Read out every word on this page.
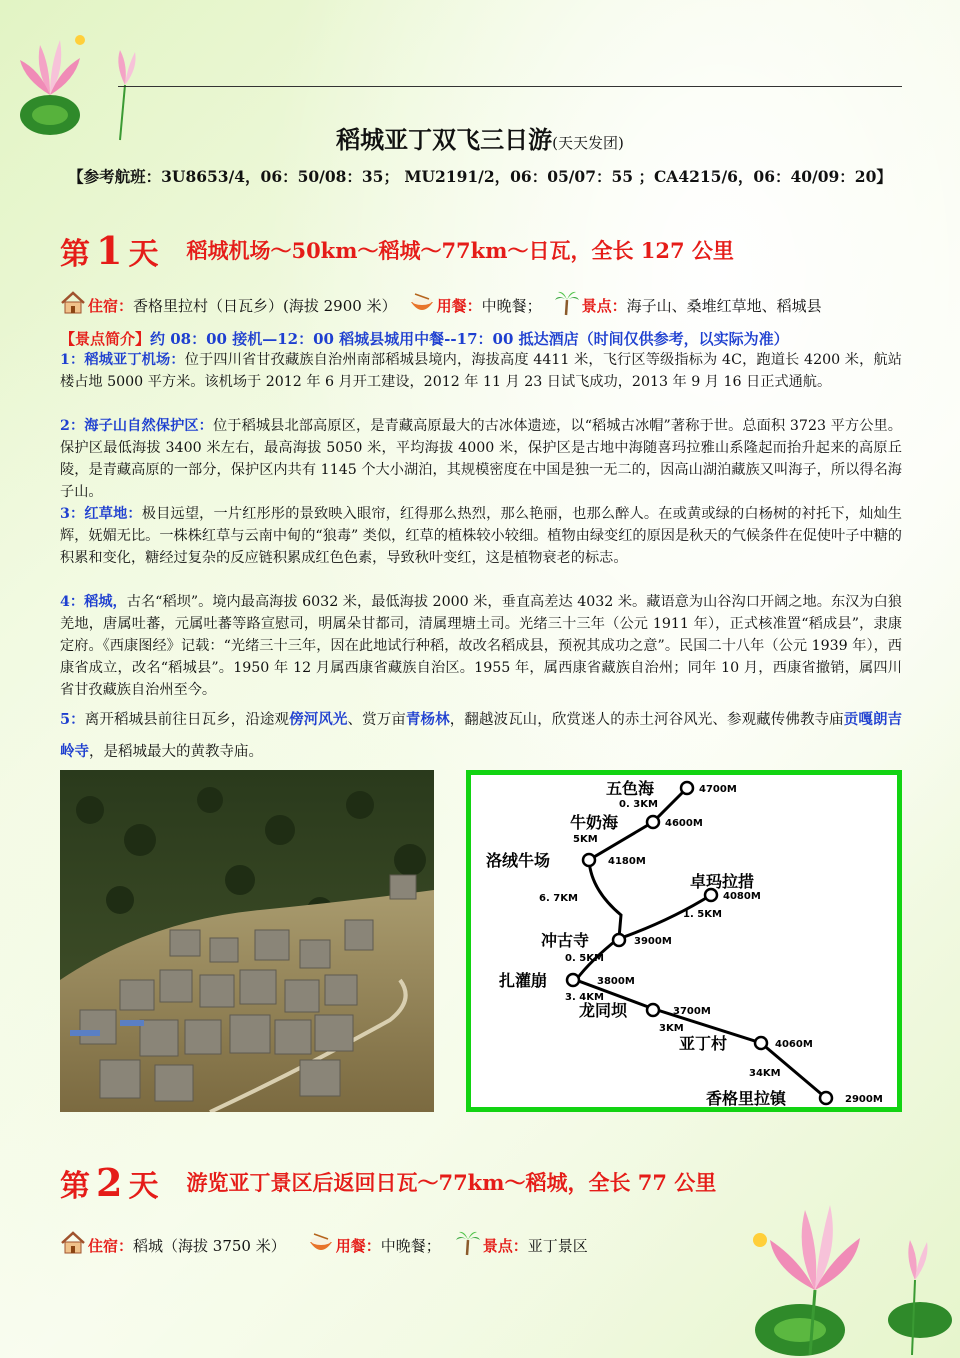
稻城亚丁双飞三日游(天天发团)
【参考航班：3U8653/4，06：50/08：35； MU2191/2，06：05/07：55 ；CA4215/6，06：40/09：20】
第 1 天 稻城机场～50km～稻城～77km～日瓦，全长 127 公里
住宿： 香格里拉村（日瓦乡）(海拔 2900 米）	用餐： 中晚餐；	景点： 海子山、桑堆红草地、稻城县
【景点简介】约 08：00 接机—12：00 稻城县城用中餐--17：00 抵达酒店（时间仅供参考，以实际为准）
1：稻城亚丁机场：位于四川省甘孜藏族自治州南部稻城县境内，海拔高度 4411 米，飞行区等级指标为 4C，跑道长 4200 米，航站楼占地 5000 平方米。该机场于 2012 年 6 月开工建设，2012 年 11 月 23 日试飞成功，2013 年 9 月 16 日正式通航。
2：海子山自然保护区：位于稻城县北部高原区，是青藏高原最大的古冰体遗迹，以“稻城古冰帽”著称于世。总面积 3723 平方公里。保护区最低海拔 3400 米左右，最高海拔 5050 米，平均海拔 4000 米，保护区是古地中海随喜玛拉雅山系隆起而抬升起来的高原丘陵，是青藏高原的一部分，保护区内共有 1145 个大小湖泊，其规模密度在中国是独一无二的，因高山湖泊藏族又叫海子，所以得名海子山。
3：红草地：极目远望，一片红彤彤的景致映入眼帘，红得那么热烈，那么艳丽，也那么醉人。在或黄或绿的白杨树的衬托下，灿灿生辉，妩媚无比。一株株红草与云南中甸的“狼毒” 类似，红草的植株较小较细。植物由绿变红的原因是秋天的气候条件在促使叶子中糖的积累和变化，糖经过复杂的反应链积累成红色色素，导致秋叶变红，这是植物衰老的标志。
4：稻城，古名“稻坝”。境内最高海拔 6032 米，最低海拔 2000 米，垂直高差达 4032 米。藏语意为山谷沟口开阔之地。东汉为白狼羌地，唐属吐蕃，元属吐蕃等路宣慰司，明属朵甘都司，清属理塘土司。光绪三十三年（公元 1911 年），正式核准置“稻成县”，隶康定府。《西康图经》记载：“光绪三十三年，因在此地试行种稻，故改名稻成县，预祝其成功之意”。民国二十八年（公元 1939 年），西康省成立，改名“稻城县”。1950 年 12 月属西康省藏族自治区。1955 年，属西康省藏族自治州；同年 10 月，西康省撤销，属四川省甘孜藏族自治州至今。
5：离开稻城县前往日瓦乡，沿途观傍河风光、赏万亩青杨林，翻越波瓦山，欣赏迷人的赤土河谷风光、参观藏传佛教寺庙贡嘎朗吉岭寺，是稻城最大的黄教寺庙。
五色海
牛奶海
洛绒牛场
卓玛拉措
冲古寺
扎灌崩
龙同坝
亚丁村
香格里拉镇
4700M
4600M
4180M
4080M
3900M
3800M
3700M
4060M
2900M
0. 3KM
5KM
6. 7KM
1. 5KM
0. 5KM
3. 4KM
3KM
34KM
第 2 天 游览亚丁景区后返回日瓦～77km～稻城，全长 77 公里
住宿： 稻城（海拔 3750 米）	用餐： 中晚餐；	景点： 亚丁景区
